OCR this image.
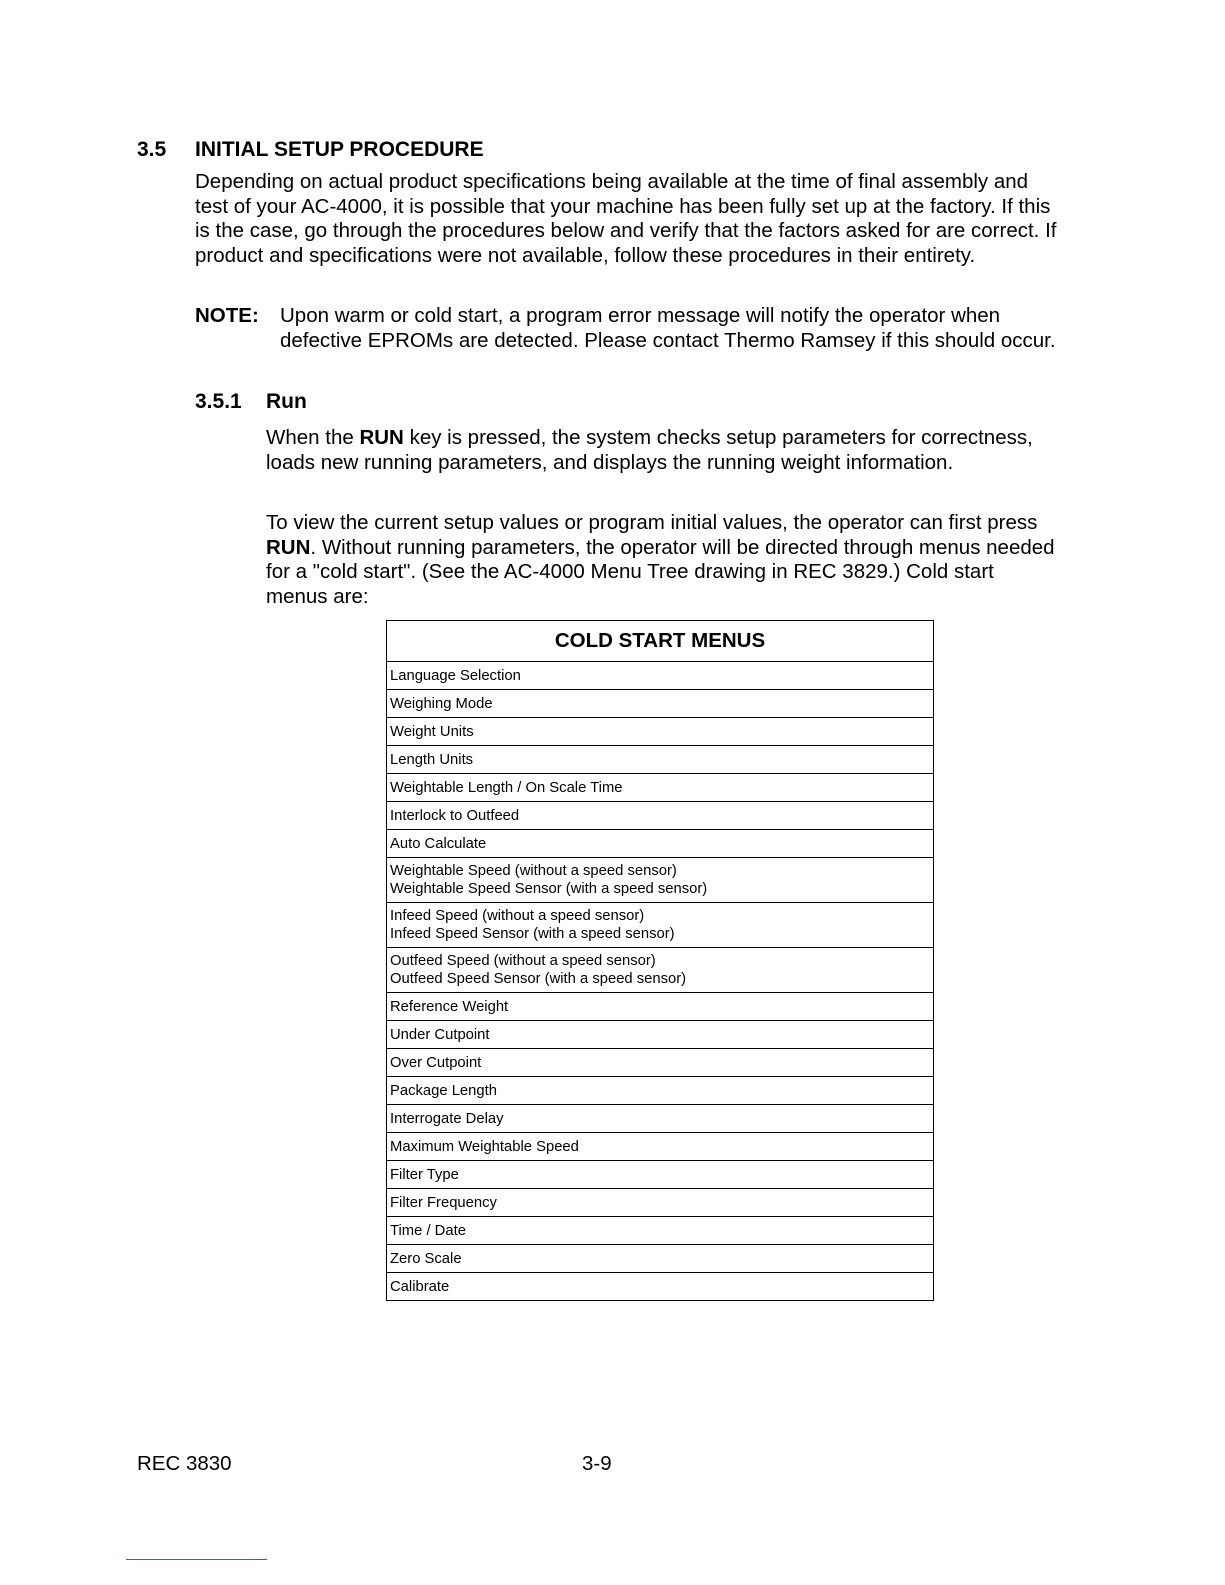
3.5 INITIAL SETUP PROCEDURE

Depending on actual product specifications being available at the time of final assembly and test of your AC-4000, it is possible that your machine has been fully set up at the factory. If this is the case, go through the procedures below and verify that the factors asked for are correct. If product and specifications were not available, follow these procedures in their entirety.

NOTE: Upon warm or cold start, a program error message will notify the operator when defective EPROMs are detected. Please contact Thermo Ramsey if this should occur.

3.5.1 Run

When the RUN key is pressed, the system checks setup parameters for correctness, loads new running parameters, and displays the running weight information.

To view the current setup values or program initial values, the operator can first press RUN. Without running parameters, the operator will be directed through menus needed for a "cold start". (See the AC-4000 Menu Tree drawing in REC 3829.) Cold start menus are:

COLD START MENUS

Language Selection

Weighing Mode

Weight Units

Length Units

Weightable Length / On Scale Time

Interlock to Outfeed

Auto Calculate

Weightable Speed (without a speed sensor)
Weightable Speed Sensor (with a speed sensor)

Infeed Speed (without a speed sensor)
Infeed Speed Sensor (with a speed sensor)

Outfeed Speed (without a speed sensor)
Outfeed Speed Sensor (with a speed sensor)

Reference Weight

Under Cutpoint

Over Cutpoint

Package Length

Interrogate Delay

Maximum Weightable Speed

Filter Type

Filter Frequency

Time / Date

Zero Scale

Calibrate
REC 3830	3-9
